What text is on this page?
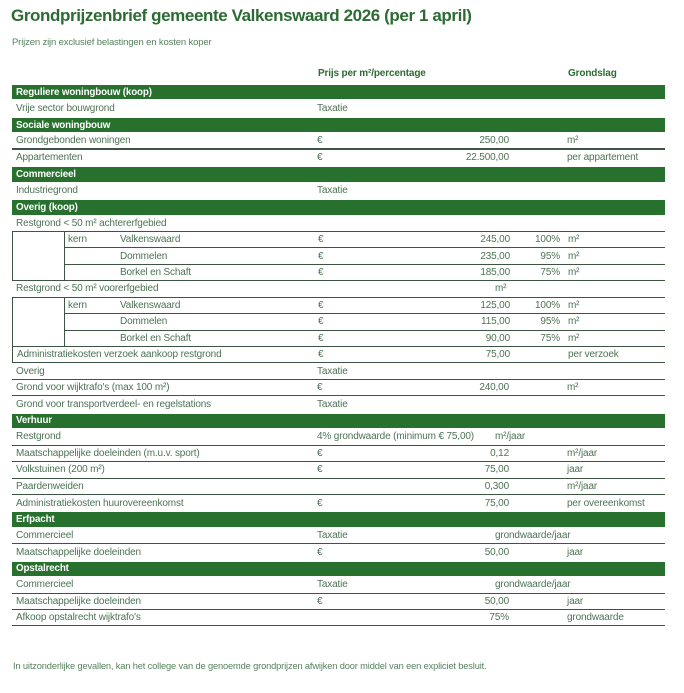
Grondprijzenbrief gemeente Valkenswaard 2026 (per 1 april)
Prijzen zijn exclusief belastingen en kosten koper
Prijs per m²/percentage	Grondslag
Reguliere woningbouw (koop)
Vrije sector bouwgrond	Taxatie
Sociale woningbouw
Grondgebonden woningen	€	250,00	m²
Appartementen	€	22.500,00	per appartement
Commercieel
Industriegrond	Taxatie
Overig (koop)
Restgrond < 50 m² achtererfgebied
kern	Valkenswaard	€	245,00	100% m²
Dommelen	€	235,00	95% m²
Borkel en Schaft	€	185,00	75% m²
Restgrond < 50 m² voorerfgebied	m²
kern	Valkenswaard	€	125,00	100% m²
Dommelen	€	115,00	95% m²
Borkel en Schaft	€	90,00	75% m²
Administratiekosten verzoek aankoop restgrond	€	75,00	per verzoek
Overig	Taxatie
Grond voor wijktrafo's (max 100 m²)	€	240,00	m²
Grond voor transportverdeel- en regelstations	Taxatie
Verhuur
Restgrond	4% grondwaarde (minimum € 75,00)	m²/jaar
Maatschappelijke doeleinden (m.u.v. sport)	€	0,12	m²/jaar
Volkstuinen (200 m²)	€	75,00	jaar
Paardenweiden	0,300	m²/jaar
Administratiekosten huurovereenkomst	€	75,00	per overeenkomst
Erfpacht
Commercieel	Taxatie	grondwaarde/jaar
Maatschappelijke doeleinden	€	50,00	jaar
Opstalrecht
Commercieel	Taxatie	grondwaarde/jaar
Maatschappelijke doeleinden	€	50,00	jaar
Afkoop opstalrecht wijktrafo's	75%	grondwaarde
In uitzonderlijke gevallen, kan het college van de genoemde grondprijzen afwijken door middel van een expliciet besluit.
